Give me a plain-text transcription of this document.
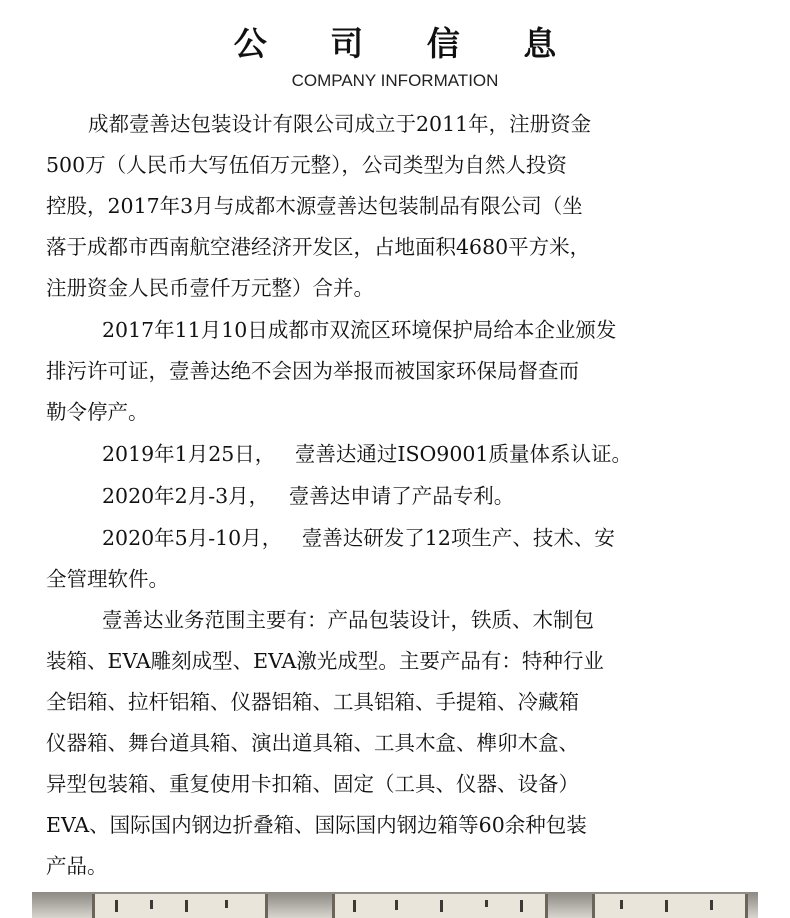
公 司 信 息
COMPANY INFORMATION
成都壹善达包装设计有限公司成立于2011年，注册资金
500万（人民币大写伍佰万元整），公司类型为自然人投资
控股，2017年3月与成都木源壹善达包装制品有限公司（坐
落于成都市西南航空港经济开发区，占地面积4680平方米，
注册资金人民币壹仟万元整）合并。
2017年11月10日成都市双流区环境保护局给本企业颁发
排污许可证，壹善达绝不会因为举报而被国家环保局督查而
勒令停产。
2019年1月25日，   壹善达通过ISO9001质量体系认证。
2020年2月-3月，   壹善达申请了产品专利。
2020年5月-10月，   壹善达研发了12项生产、技术、安
全管理软件。
壹善达业务范围主要有：产品包装设计，铁质、木制包
装箱、EVA雕刻成型、EVA激光成型。主要产品有：特种行业
全铝箱、拉杆铝箱、仪器铝箱、工具铝箱、手提箱、冷藏箱
仪器箱、舞台道具箱、演出道具箱、工具木盒、榫卯木盒、
异型包装箱、重复使用卡扣箱、固定（工具、仪器、设备）
EVA、国际国内钢边折叠箱、国际国内钢边箱等60余种包装
产品。
